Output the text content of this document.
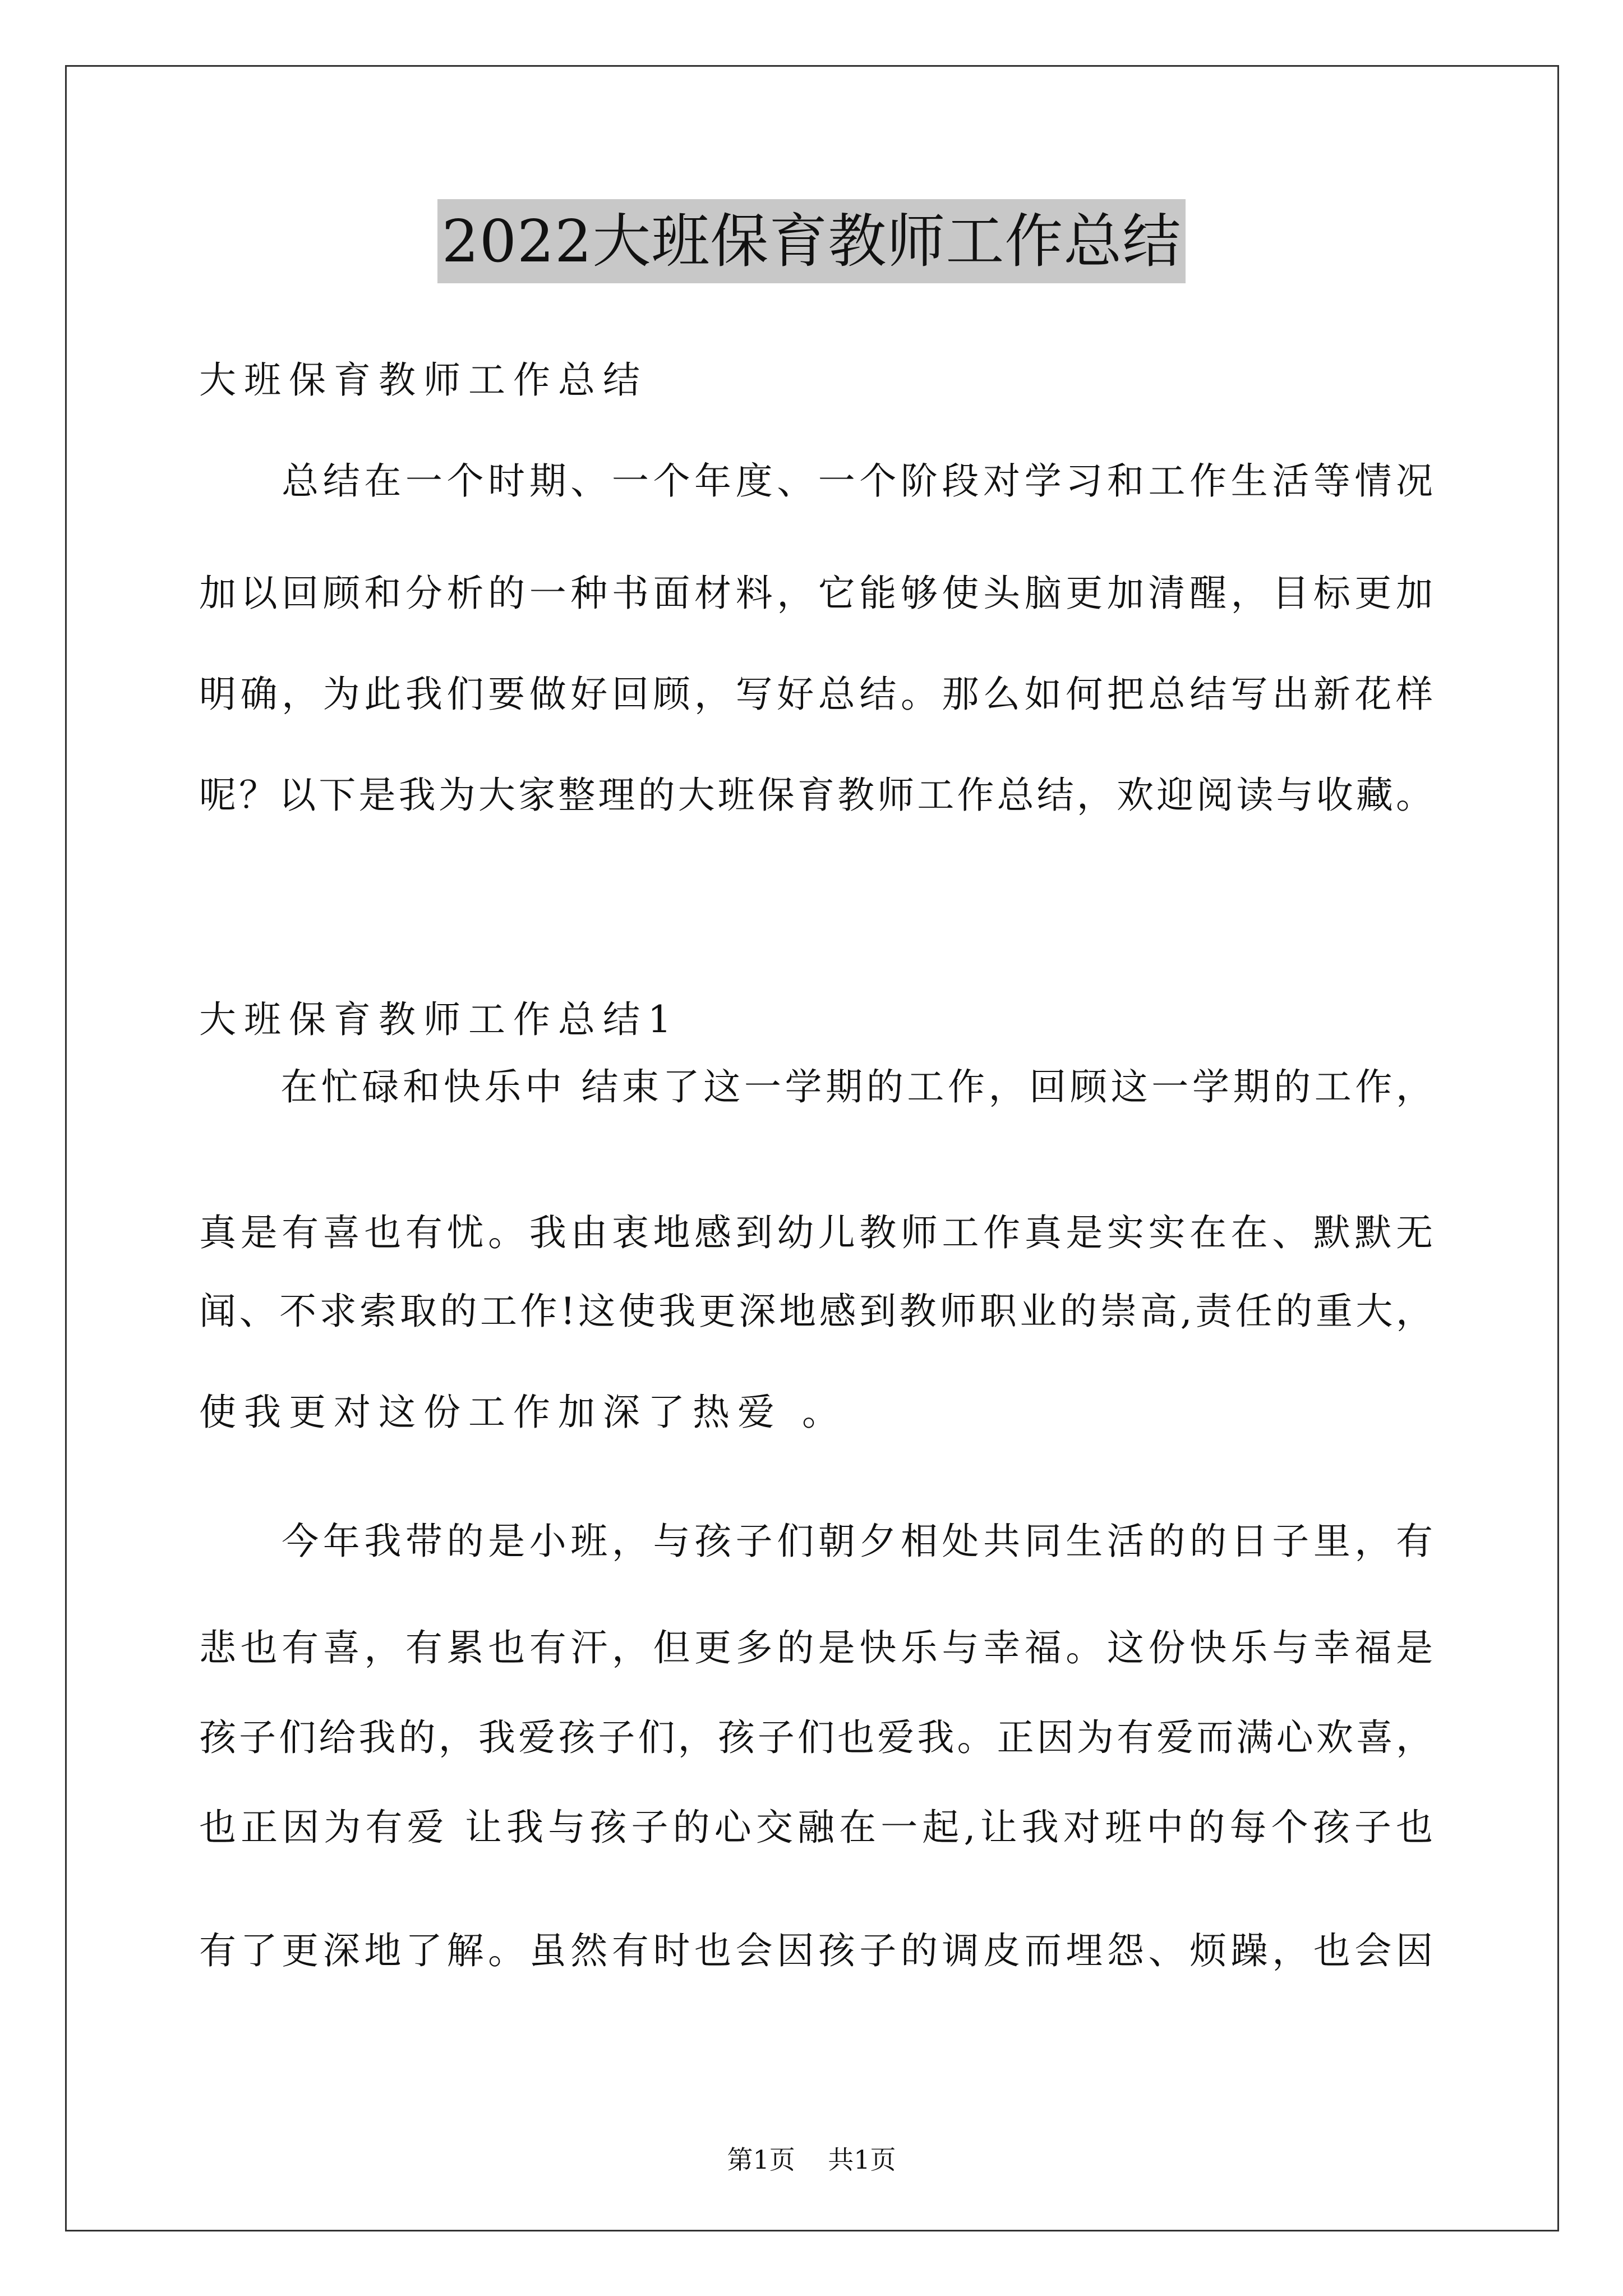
2022大班保育教师工作总结
大班保育教师工作总结
　　总结在一个时期、一个年度、一个阶段对学习和工作生活等情况
加以回顾和分析的一种书面材料，它能够使头脑更加清醒，目标更加
明确，为此我们要做好回顾，写好总结。那么如何把总结写出新花样
呢？以下是我为大家整理的大班保育教师工作总结，欢迎阅读与收藏。
大班保育教师工作总结1
　　在忙碌和快乐中 结束了这一学期的工作，回顾这一学期的工作，
真是有喜也有忧。我由衷地感到幼儿教师工作真是实实在在、默默无
闻、不求索取的工作!这使我更深地感到教师职业的崇高,责任的重大，
使我更对这份工作加深了热爱 。
　　今年我带的是小班，与孩子们朝夕相处共同生活的的日子里，有
悲也有喜，有累也有汗，但更多的是快乐与幸福。这份快乐与幸福是
孩子们给我的，我爱孩子们，孩子们也爱我。正因为有爱而满心欢喜，
也正因为有爱 让我与孩子的心交融在一起,让我对班中的每个孩子也
有了更深地了解。虽然有时也会因孩子的调皮而埋怨、烦躁，也会因
第1页    共1页
